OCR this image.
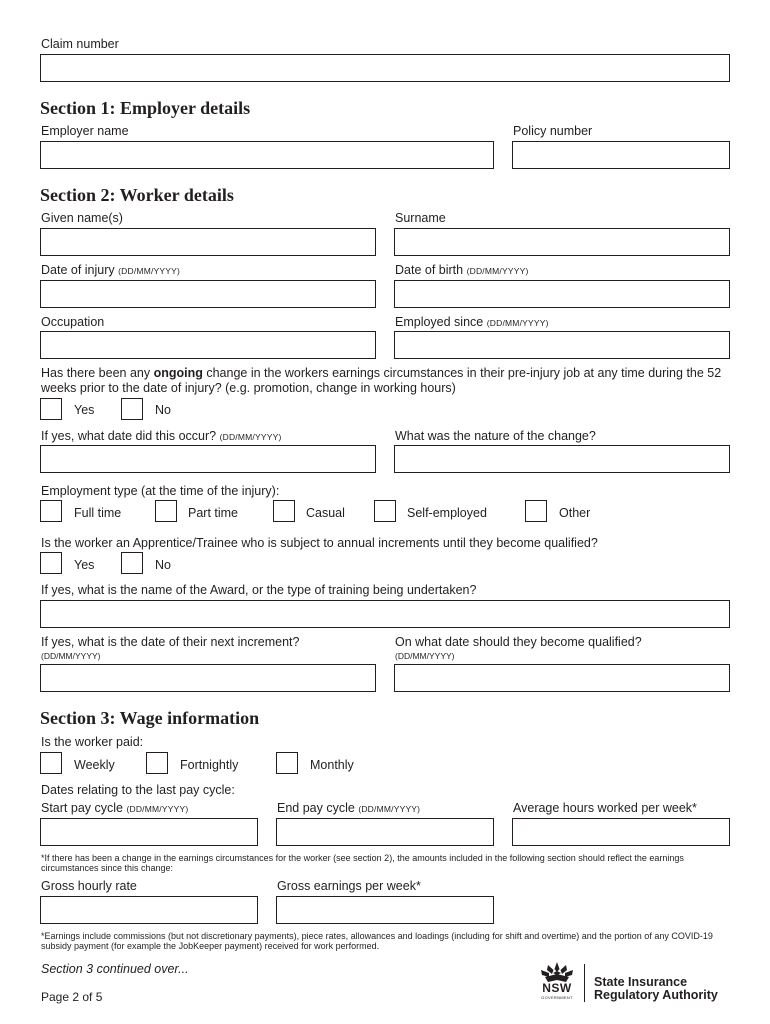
Claim number
Section 1: Employer details
Employer name	Policy number
Section 2: Worker details
Given name(s)	Surname
Date of injury (DD/MM/YYYY)	Date of birth (DD/MM/YYYY)
Occupation	Employed since (DD/MM/YYYY)
Has there been any ongoing change in the workers earnings circumstances in their pre-injury job at any time during the 52 weeks prior to the date of injury? (e.g. promotion, change in working hours)
Yes	No
If yes, what date did this occur? (DD/MM/YYYY)	What was the nature of the change?
Employment type (at the time of the injury):
Full time	Part time	Casual	Self-employed	Other
Is the worker an Apprentice/Trainee who is subject to annual increments until they become qualified?
Yes	No
If yes, what is the name of the Award, or the type of training being undertaken?
If yes, what is the date of their next increment?
(DD/MM/YYYY)
On what date should they become qualified?
(DD/MM/YYYY)
Section 3: Wage information
Is the worker paid:
Weekly	Fortnightly	Monthly
Dates relating to the last pay cycle:
Start pay cycle (DD/MM/YYYY)	End pay cycle (DD/MM/YYYY)	Average hours worked per week*
*If there has been a change in the earnings circumstances for the worker (see section 2), the amounts included in the following section should reflect the earnings circumstances since this change:
Gross hourly rate	Gross earnings per week*
*Earnings include commissions (but not discretionary payments), piece rates, allowances and loadings (including for shift and overtime) and the portion of any COVID-19 subsidy payment (for example the JobKeeper payment) received for work performed.
Section 3 continued over...
Page 2 of 5
NSW
GOVERNMENT
State Insurance
Regulatory Authority
